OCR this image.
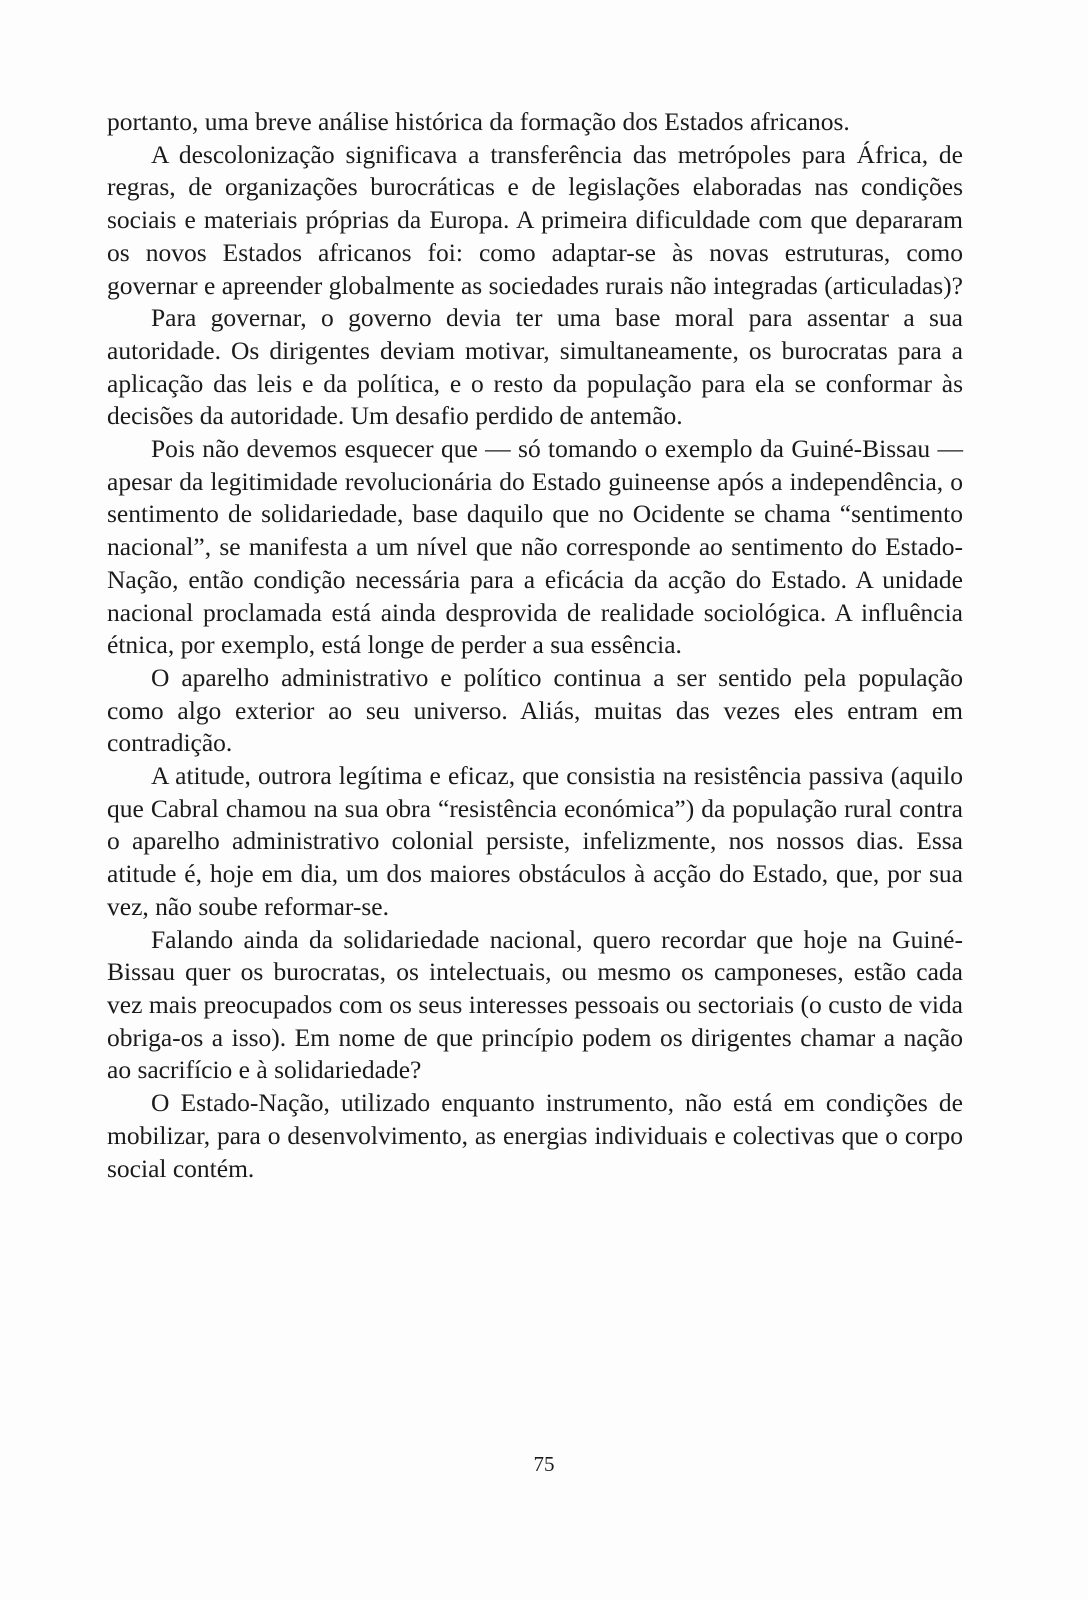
portanto, uma breve análise histórica da formação dos Estados africanos.

A descolonização significava a transferência das metrópoles para África, de regras, de organizações burocráticas e de legislações elaboradas nas condições sociais e materiais próprias da Europa. A primeira dificuldade com que depararam os novos Estados africanos foi: como adaptar-se às novas estruturas, como governar e apreender globalmente as sociedades rurais não integradas (articuladas)?

Para governar, o governo devia ter uma base moral para assentar a sua autoridade. Os dirigentes deviam motivar, simultaneamente, os burocratas para a aplicação das leis e da política, e o resto da população para ela se conformar às decisões da autoridade. Um desafio perdido de antemão.

Pois não devemos esquecer que — só tomando o exemplo da Guiné-Bissau — apesar da legitimidade revolucionária do Estado guineense após a independência, o sentimento de solidariedade, base daquilo que no Ocidente se chama “sentimento nacional”, se manifesta a um nível que não corresponde ao sentimento do Estado-Nação, então condição necessária para a eficácia da acção do Estado. A unidade nacional proclamada está ainda desprovida de realidade sociológica. A influência étnica, por exemplo, está longe de perder a sua essência.

O aparelho administrativo e político continua a ser sentido pela população como algo exterior ao seu universo. Aliás, muitas das vezes eles entram em contradição.

A atitude, outrora legítima e eficaz, que consistia na resistência passiva (aquilo que Cabral chamou na sua obra “resistência económica”) da população rural contra o aparelho administrativo colonial persiste, infelizmente, nos nossos dias. Essa atitude é, hoje em dia, um dos maiores obstáculos à acção do Estado, que, por sua vez, não soube reformar-se.

Falando ainda da solidariedade nacional, quero recordar que hoje na Guiné-Bissau quer os burocratas, os intelectuais, ou mesmo os camponeses, estão cada vez mais preocupados com os seus interesses pessoais ou sectoriais (o custo de vida obriga-os a isso). Em nome de que princípio podem os dirigentes chamar a nação ao sacrifício e à solidariedade?

O Estado-Nação, utilizado enquanto instrumento, não está em condições de mobilizar, para o desenvolvimento, as energias individuais e colectivas que o corpo social contém.

75
